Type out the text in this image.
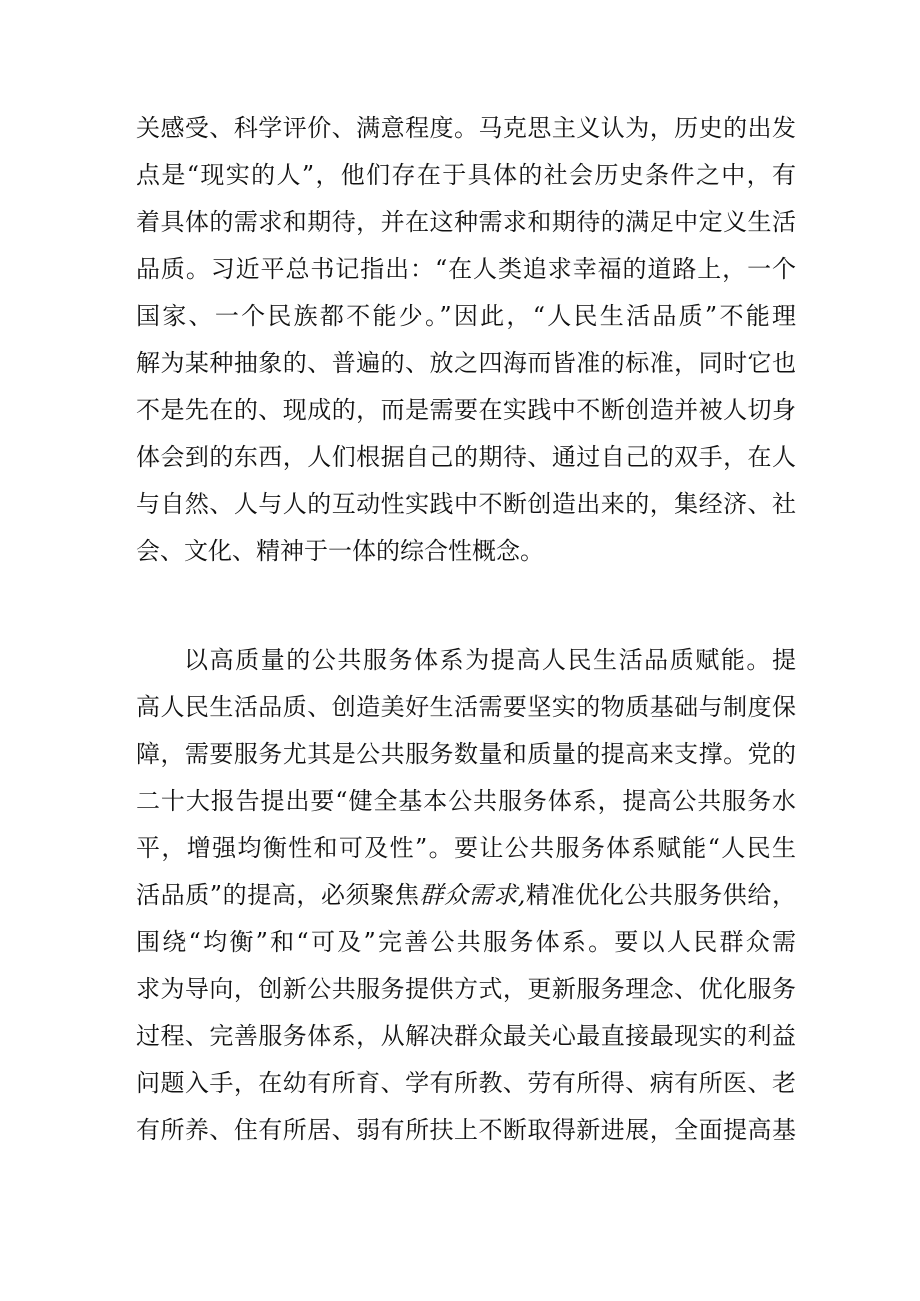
关感受、科学评价、满意程度。马克思主义认为，历史的出发
点是“现实的人”，他们存在于具体的社会历史条件之中，有
着具体的需求和期待，并在这种需求和期待的满足中定义生活
品质。习近平总书记指出：“在人类追求幸福的道路上，一个
国家、一个民族都不能少。”因此，“人民生活品质”不能理
解为某种抽象的、普遍的、放之四海而皆准的标准，同时它也
不是先在的、现成的，而是需要在实践中不断创造并被人切身
体会到的东西，人们根据自己的期待、通过自己的双手，在人
与自然、人与人的互动性实践中不断创造出来的，集经济、社
会、文化、精神于一体的综合性概念。
以高质量的公共服务体系为提高人民生活品质赋能。提
高人民生活品质、创造美好生活需要坚实的物质基础与制度保
障，需要服务尤其是公共服务数量和质量的提高来支撑。党的
二十大报告提出要“健全基本公共服务体系，提高公共服务水
平，增强均衡性和可及性”。要让公共服务体系赋能“人民生
活品质”的提高，必须聚焦群众需求,精准优化公共服务供给，
围绕“均衡”和“可及”完善公共服务体系。要以人民群众需
求为导向，创新公共服务提供方式，更新服务理念、优化服务
过程、完善服务体系，从解决群众最关心最直接最现实的利益
问题入手，在幼有所育、学有所教、劳有所得、病有所医、老
有所养、住有所居、弱有所扶上不断取得新进展，全面提高基
